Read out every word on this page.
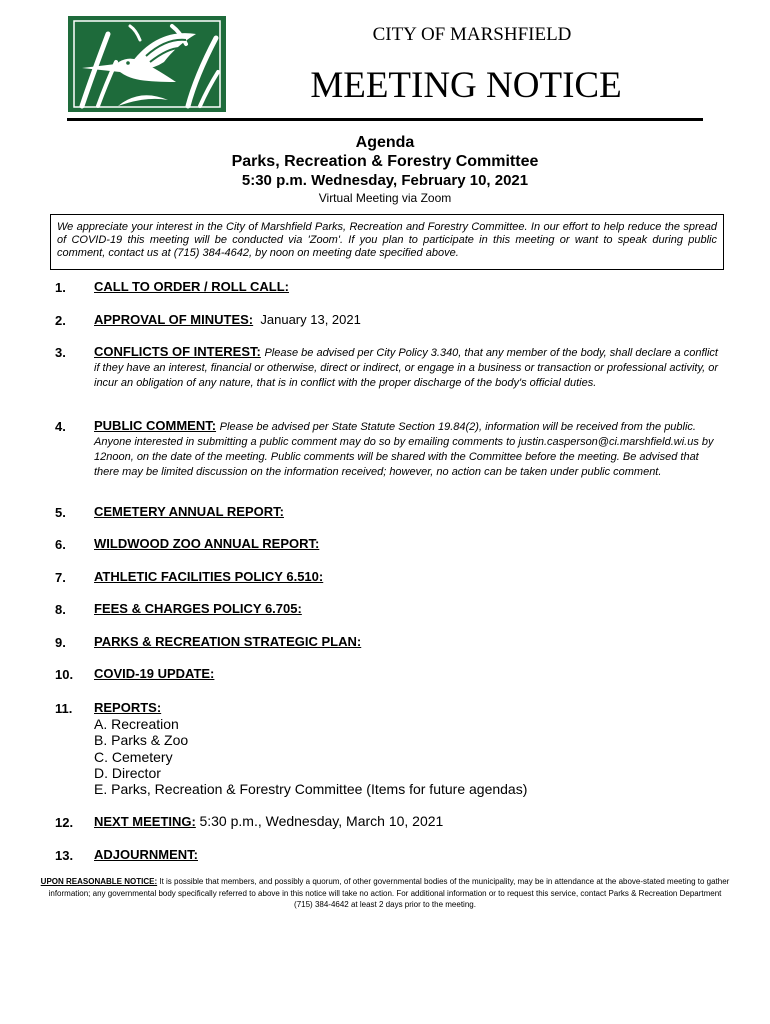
CITY OF MARSHFIELD
MEETING NOTICE
Agenda
Parks, Recreation & Forestry Committee
5:30 p.m. Wednesday, February 10, 2021
Virtual Meeting via Zoom
We appreciate your interest in the City of Marshfield Parks, Recreation and Forestry Committee. In our effort to help reduce the spread of COVID-19 this meeting will be conducted via 'Zoom'. If you plan to participate in this meeting or want to speak during public comment, contact us at (715) 384-4642, by noon on meeting date specified above.
1. CALL TO ORDER / ROLL CALL:
2. APPROVAL OF MINUTES: January 13, 2021
3. CONFLICTS OF INTEREST: Please be advised per City Policy 3.340, that any member of the body, shall declare a conflict if they have an interest, financial or otherwise, direct or indirect, or engage in a business or transaction or professional activity, or incur an obligation of any nature, that is in conflict with the proper discharge of the body's official duties.
4. PUBLIC COMMENT: Please be advised per State Statute Section 19.84(2), information will be received from the public. Anyone interested in submitting a public comment may do so by emailing comments to justin.casperson@ci.marshfield.wi.us by 12noon, on the date of the meeting. Public comments will be shared with the Committee before the meeting. Be advised that there may be limited discussion on the information received; however, no action can be taken under public comment.
5. CEMETERY ANNUAL REPORT:
6. WILDWOOD ZOO ANNUAL REPORT:
7. ATHLETIC FACILITIES POLICY 6.510:
8. FEES & CHARGES POLICY 6.705:
9. PARKS & RECREATION STRATEGIC PLAN:
10. COVID-19 UPDATE:
11. REPORTS:
A. Recreation
B. Parks & Zoo
C. Cemetery
D. Director
E. Parks, Recreation & Forestry Committee (Items for future agendas)
12. NEXT MEETING: 5:30 p.m., Wednesday, March 10, 2021
13. ADJOURNMENT:
UPON REASONABLE NOTICE: It is possible that members, and possibly a quorum, of other governmental bodies of the municipality, may be in attendance at the above-stated meeting to gather information; any governmental body specifically referred to above in this notice will take no action. For additional information or to request this service, contact Parks & Recreation Department (715) 384-4642 at least 2 days prior to the meeting.
